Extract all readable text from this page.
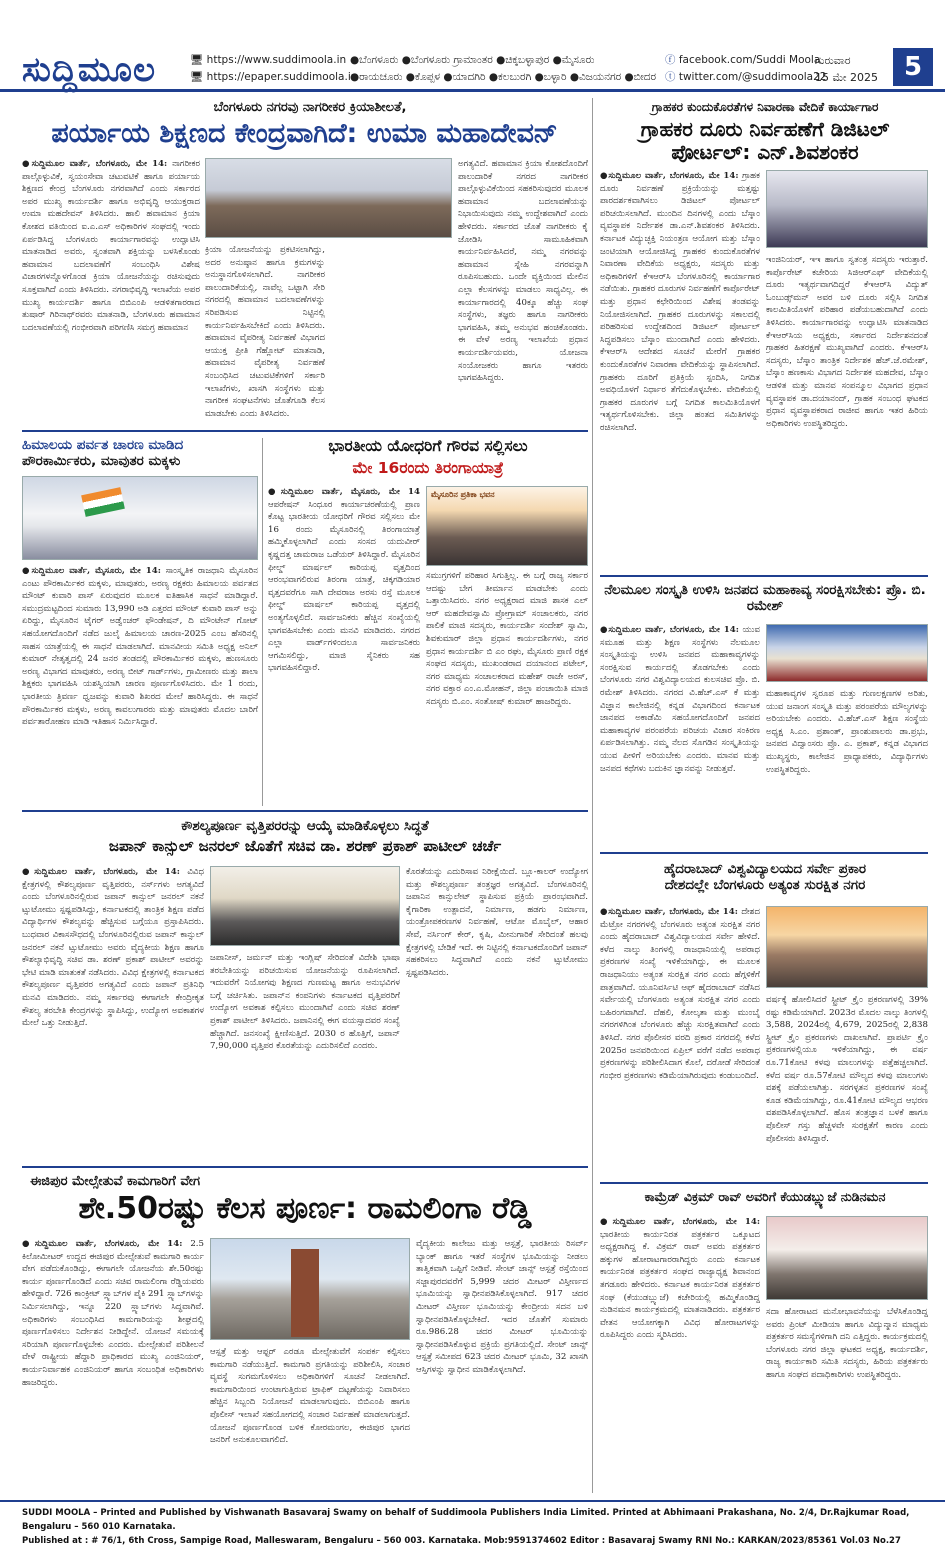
ಸುದ್ದಿಮೂಲ	🖥 https://www.suddimoola.in
🖥 https://epaper.suddimoola.in
●ಬೆಂಗಳೂರು ●ಬೆಂಗಳೂರು ಗ್ರಾಮಾಂತರ ●ಚಿಕ್ಕಬಳ್ಳಾಪುರ ●ಮೈಸೂರು
●ರಾಯಚೂರು ●ಕೊಪ್ಪಳ ●ಯಾದಗಿರಿ ●ಕಲಬುರಗಿ ●ಬಳ್ಳಾರಿ ●ವಿಜಯನಗರ ●ಬೀದರ
ⓕ facebook.com/Suddi Moola
ⓣ twitter.com/@suddimoola22
ಗುರುವಾರ
15 ಮೇ 2025 5
ಬೆಂಗಳೂರು ನಗರವು ನಾಗರೀಕರ ಕ್ರಿಯಾಶೀಲತೆ,
ಪರ್ಯಾಯ ಶಿಕ್ಷಣದ ಕೇಂದ್ರವಾಗಿದೆ: ಉಮಾ ಮಹಾದೇವನ್
●ಸುದ್ದಿಮೂಲ ವಾರ್ತೆ, ಬೆಂಗಳೂರು, ಮೇ 14: ನಾಗರೀಕರ ಪಾಲ್ಗೊಳ್ಳುವಿಕೆ, ಸ್ವಯಂಸೇವಾ ಚಟುವಟಿಕೆ ಹಾಗೂ ಪರ್ಯಾಯ ಶಿಕ್ಷಣದ ಕೇಂದ್ರ ಬೆಂಗಳೂರು ನಗರವಾಗಿದೆ ಎಂದು ಸರ್ಕಾರದ ಅಪರ ಮುಖ್ಯ ಕಾರ್ಯದರ್ಶಿ ಹಾಗೂ ಅಭಿವೃದ್ಧಿ ಆಯುಕ್ತರಾದ ಉಮಾ ಮಹದೇವನ್ ತಿಳಿಸಿದರು. ಹಾಲಿ ಹವಾಮಾನ ಕ್ರಿಯಾ ಕೋಶದ ವತಿಯಿಂದ ಐ.ಎ.ಎಸ್ ಅಧಿಕಾರಿಗಳ ಸಂಘದಲ್ಲಿ ಇಂದು ಏರ್ಪಡಿಸಿದ್ದ ಬೆಂಗಳೂರು ಕಾರ್ಯಾಗಾರವನ್ನು ಉದ್ಘಾಟಿಸಿ ಮಾತನಾಡಿದ ಅವರು, ಸ್ವಂತವಾಗಿ ಶಕ್ತಿಯನ್ನು ಬಳಸಿಕೊಂಡು ಹವಾಮಾನ ಬದಲಾವಣೆಗೆ ಸಂಬಂಧಿಸಿ ವಿಶೇಷ ವಿಚಾರಗಳನ್ನೊಳಗೊಂಡ ಕ್ರಿಯಾ ಯೋಜನೆಯನ್ನು ರಚಿಸುವುದು ಸೂಕ್ತವಾಗಿದೆ ಎಂದು ತಿಳಿಸಿದರು. ನಗರಾಭಿವೃದ್ಧಿ ಇಲಾಖೆಯ ಅಪರ ಮುಖ್ಯ ಕಾರ್ಯದರ್ಶಿ ಹಾಗೂ ಬಿಬಿಎಂಪಿ ಆಡಳಿತಗಾರರಾದ ತುಷಾರ್ ಗಿರಿನಾಥ್‌ರವರು ಮಾತನಾಡಿ, ಬೆಂಗಳೂರು ಹವಾಮಾನ ಬದಲಾವಣೆಯಲ್ಲಿ ಗಂಭೀರವಾಗಿ ಪರಿಗಣಿಸಿ ಸಮಗ್ರ ಹವಾಮಾನ
ಕ್ರಿಯಾ ಯೋಜನೆಯನ್ನು ಪ್ರಕಟಿಸಲಾಗಿದ್ದು, ಅದರ ಅನುಷ್ಠಾನ ಹಾಗೂ ಕ್ರಮಗಳನ್ನು ಅನುಸ್ಥಾನಗೊಳಿಸಲಾಗಿದೆ. ನಾಗರೀಕರ ಪಾಲುದಾರಿಕೆಯಲ್ಲಿ, ನಾವೆಲ್ಲ ಒಟ್ಟಾಗಿ ಸೇರಿ ನಗರದಲ್ಲಿ ಹವಾಮಾನ ಬದಲಾವಣೆಗಳನ್ನು ಸರಿಪಡಿಸುವ ನಿಟ್ಟಿನಲ್ಲಿ ಕಾರ್ಯನಿರ್ವಹಿಸಬೇಕಿದೆ ಎಂದು ತಿಳಿಸಿದರು. ಹವಾಮಾನ ವೈಪರೀತ್ಯ ನಿರ್ವಹಣೆ ವಿಭಾಗದ ಆಯುಕ್ತ ಪ್ರೀತಿ ಗೆಹ್ಲೋಟ್ ಮಾತನಾಡಿ, ಹವಾಮಾನ ವೈಪರೀತ್ಯ ನಿರ್ವಹಣೆ ಸಂಬಂಧಿಸಿದ ಚಟುವಟಿಕೆಗಳಿಗೆ ಸರ್ಕಾರಿ ಇಲಾಖೆಗಳು, ಖಾಸಗಿ ಸಂಸ್ಥೆಗಳು ಮತ್ತು ನಾಗರೀಕ ಸಂಘಟನೆಗಳು ಜೊತೆಗೂಡಿ ಕೆಲಸ ಮಾಡಬೇಕು ಎಂದು ತಿಳಿಸಿದರು.
ಅಗತ್ಯವಿದೆ. ಹವಾಮಾನ ಕ್ರಿಯಾ ಕೋಶದೊಂದಿಗೆ ಪಾಲುದಾರಿಕೆ ನಗರದ ನಾಗರೀಕರ ಪಾಲ್ಗೊಳ್ಳುವಿಕೆಯಿಂದ ಸಹಕರಿಸುವುದರ ಮೂಲಕ ಹವಾಮಾನ ಬದಲಾವಣೆಯನ್ನು ನಿಭಾಯಿಸುವುದು ನಮ್ಮ ಉದ್ದೇಶವಾಗಿದೆ ಎಂದು ಹೇಳಿದರು. ಸರ್ಕಾರದ ಜೊತೆ ನಾಗರೀಕರು ಕೈ ಜೋಡಿಸಿ ಸಾಮೂಹಿಕವಾಗಿ ಕಾರ್ಯನಿರ್ವಹಿಸಿದರೆ, ನಮ್ಮ ನಗರವನ್ನು ಹವಾಮಾನ ಸ್ನೇಹಿ ನಗರವನ್ನಾಗಿ ರೂಪಿಸಬಹುದು. ಒಂದೇ ವ್ಯಕ್ತಿಯಿಂದ ಮೇಲಿನ ಎಲ್ಲಾ ಕೆಲಸಗಳನ್ನು ಮಾಡಲು ಸಾಧ್ಯವಿಲ್ಲ. ಈ ಕಾರ್ಯಾಗಾರದಲ್ಲಿ 40ಕ್ಕೂ ಹೆಚ್ಚು ಸಂಘ ಸಂಸ್ಥೆಗಳು, ತಜ್ಞರು ಹಾಗೂ ನಾಗರೀಕರು ಭಾಗವಹಿಸಿ, ತಮ್ಮ ಅನುಭವ ಹಂಚಿಕೊಂಡರು. ಈ ವೇಳೆ ಅರಣ್ಯ ಇಲಾಖೆಯ ಪ್ರಧಾನ ಕಾರ್ಯದರ್ಶಿಯವರು, ಯೋಜನಾ ಸಂಯೋಜಕರು ಹಾಗೂ ಇತರರು ಭಾಗವಹಿಸಿದ್ದರು.
ಗ್ರಾಹಕರ ಕುಂದುಕೊರತೆಗಳ ನಿವಾರಣಾ ವೇದಿಕೆ ಕಾರ್ಯಾಗಾರ
ಗ್ರಾಹಕರ ದೂರು ನಿರ್ವಹಣೆಗೆ ಡಿಜಿಟಲ್ ಪೋರ್ಟಲ್: ಎನ್.ಶಿವಶಂಕರ
●ಸುದ್ದಿಮೂಲ ವಾರ್ತೆ, ಬೆಂಗಳೂರು, ಮೇ 14: ಗ್ರಾಹಕ ದೂರು ನಿರ್ವಹಣೆ ಪ್ರಕ್ರಿಯೆಯನ್ನು ಮತ್ತಷ್ಟು ಪಾರದರ್ಶಕವಾಗಿಸಲು ಡಿಜಿಟಲ್ ಪೋರ್ಟಲ್ ಪರಿಚಯಿಸಲಾಗಿದೆ. ಮುಂದಿನ ದಿನಗಳಲ್ಲಿ ಎಂದು ಬೆಸ್ಕಾಂ ವ್ಯವಸ್ಥಾಪಕ ನಿರ್ದೇಶಕ ಡಾ.ಎನ್.ಶಿವಶಂಕರ ತಿಳಿಸಿದರು. ಕರ್ನಾಟಕ ವಿದ್ಯುಚ್ಛಕ್ತಿ ನಿಯಂತ್ರಣ ಆಯೋಗ ಮತ್ತು ಬೆಸ್ಕಾಂ ಜಂಟಿಯಾಗಿ ಆಯೋಜಿಸಿದ್ದ ಗ್ರಾಹಕರ ಕುಂದುಕೊರತೆಗಳ ನಿವಾರಣಾ ವೇದಿಕೆಯ ಅಧ್ಯಕ್ಷರು, ಸದಸ್ಯರು ಮತ್ತು ಅಧಿಕಾರಿಗಳಿಗೆ ಕೆಇಆರ್‌ಸಿ ಬೆಂಗಳೂರಿನಲ್ಲಿ ಕಾರ್ಯಾಗಾರ ನಡೆಯಿತು. ಗ್ರಾಹಕರ ದೂರುಗಳ ನಿರ್ವಹಣೆಗೆ ಕಾರ್ಪೊರೇಟ್ ಮತ್ತು ಪ್ರಧಾನ ಕಛೇರಿಯಿಂದ ವಿಶೇಷ ತಂಡವನ್ನು ನಿಯೋಜಿಸಲಾಗಿದೆ. ಗ್ರಾಹಕರ ದೂರುಗಳನ್ನು ಸಕಾಲದಲ್ಲಿ ಪರಿಹರಿಸುವ ಉದ್ದೇಶದಿಂದ ಡಿಜಿಟಲ್ ಪೋರ್ಟಲ್ ಸಿದ್ಧಪಡಿಸಲು ಬೆಸ್ಕಾಂ ಮುಂದಾಗಿದೆ ಎಂದು ಹೇಳಿದರು. ಕೆಇಆರ್‌ಸಿ ಆದೇಶದ ಸೂಚನೆ ಮೇರೆಗೆ ಗ್ರಾಹಕರ ಕುಂದುಕೊರತೆಗಳ ನಿವಾರಣಾ ವೇದಿಕೆಯನ್ನು ಸ್ಥಾಪಿಸಲಾಗಿದೆ. ಗ್ರಾಹಕರು ದೂರಿಗೆ ಪ್ರತಿಕ್ರಿಯೆ ಸ್ಪಂದಿಸಿ, ನಿಗದಿತ ಅವಧಿಯೊಳಗೆ ನಿರ್ಧಾರ ತೆಗೆದುಕೊಳ್ಳಬೇಕು. ವೇದಿಕೆಯಲ್ಲಿ ಗ್ರಾಹಕರ ದೂರುಗಳ ಬಗ್ಗೆ ನಿಗದಿತ ಕಾಲಮಿತಿಯೊಳಗೆ ಇತ್ಯರ್ಥಗೊಳಿಸಬೇಕು. ಜಿಲ್ಲಾ ಹಂತದ ಸಮಿತಿಗಳನ್ನು ರಚಿಸಲಾಗಿದೆ.
ಇಂಜಿನಿಯರ್, ಇಇ ಹಾಗೂ ಸ್ವತಂತ್ರ ಸದಸ್ಯರು ಇರುತ್ತಾರೆ. ಕಾರ್ಪೊರೇಟ್ ಕಚೇರಿಯ ಸಿಜಿಆರ್‌ಎಫ್ ವೇದಿಕೆಯಲ್ಲಿ ದೂರು ಇತ್ಯರ್ಥವಾಗದಿದ್ದರೆ ಕೆಇಆರ್‌ಸಿ ವಿದ್ಯುತ್ ಓಂಬುಡ್ಸ್‌ಮನ್ ಅವರ ಬಳಿ ದೂರು ಸಲ್ಲಿಸಿ ನಿಗದಿತ ಕಾಲಮಿತಿಯೊಳಗೆ ಪರಿಹಾರ ಪಡೆಯಬಹುದಾಗಿದೆ ಎಂದು ತಿಳಿಸಿದರು. ಕಾರ್ಯಾಗಾರವನ್ನು ಉದ್ಘಾಟಿಸಿ ಮಾತನಾಡಿದ ಕೆಇಆರ್‌ಸಿಯ ಅಧ್ಯಕ್ಷರು, ಸರ್ಕಾರದ ನಿರ್ದೇಶನದಂತೆ ಗ್ರಾಹಕರ ಹಿತರಕ್ಷಣೆ ಮುಖ್ಯವಾಗಿದೆ ಎಂದರು. ಕೆಇಆರ್‌ಸಿ ಸದಸ್ಯರು, ಬೆಸ್ಕಾಂ ತಾಂತ್ರಿಕ ನಿರ್ದೇಶಕ ಹೆಚ್.ಜೆ.ರಮೇಶ್, ಬೆಸ್ಕಾಂ ಹಣಕಾಸು ವಿಭಾಗದ ನಿರ್ದೇಶಕ ಮಹದೇವ, ಬೆಸ್ಕಾಂ ಆಡಳಿತ ಮತ್ತು ಮಾನವ ಸಂಪನ್ಮೂಲ ವಿಭಾಗದ ಪ್ರಧಾನ ವ್ಯವಸ್ಥಾಪಕ ಡಾ.ದಯಾನಂದ್, ಗ್ರಾಹಕ ಸಂಬಂಧ ಘಟಕದ ಪ್ರಧಾನ ವ್ಯವಸ್ಥಾಪಕರಾದ ರಾಜೀವ ಹಾಗೂ ಇತರ ಹಿರಿಯ ಅಧಿಕಾರಿಗಳು ಉಪಸ್ಥಿತರಿದ್ದರು.
ಹಿಮಾಲಯ ಪರ್ವತ ಚಾರಣ ಮಾಡಿದ
ಪೌರಕಾರ್ಮಿಕರು, ಮಾವುತರ ಮಕ್ಕಳು
●ಸುದ್ದಿಮೂಲ ವಾರ್ತೆ, ಮೈಸೂರು, ಮೇ 14: ಸಾಂಸ್ಕೃತಿಕ ರಾಜಧಾನಿ ಮೈಸೂರಿನ ಎಂಟು ಪೌರಕಾರ್ಮಿಕರ ಮಕ್ಕಳು, ಮಾವುತರು, ಅರಣ್ಯ ರಕ್ಷಕರು ಹಿಮಾಲಯ ಪರ್ವತದ ಮೌಂಟ್ ಕುವಾರಿ ಪಾಸ್ ಏರುವುದರ ಮೂಲಕ ಐತಿಹಾಸಿಕ ಸಾಧನೆ ಮಾಡಿದ್ದಾರೆ. ಸಮುದ್ರಮಟ್ಟದಿಂದ ಸುಮಾರು 13,990 ಅಡಿ ಎತ್ತರದ ಮೌಂಟ್ ಕುವಾರಿ ಪಾಸ್ ಅನ್ನು ಏರಿದ್ದು, ಮೈಸೂರಿನ ಟೈಗರ್ ಅಡ್ವೆಂಚರ್ ಫೌಂಡೇಷನ್, ದಿ ಮೌಂಟೇನ್ ಗೋಟ್ ಸಹಯೋಗದೊಂದಿಗೆ ನಡೆದ ಜುಲೈ ಹಿಮಾಲಯ ಚಾರಣ-2025 ಎಂಬ ಹೆಸರಿನಲ್ಲಿ ಸಾಹಸ ಯಾತ್ರೆಯಲ್ಲಿ ಈ ಸಾಧನೆ ಮಾಡಲಾಗಿದೆ. ಮಾನವೀಯ ಸಮಿತಿ ಅಧ್ಯಕ್ಷ ಅನಿಲ್ ಕುಮಾರ್ ನೇತೃತ್ವದಲ್ಲಿ 24 ಜನರ ತಂಡದಲ್ಲಿ ಪೌರಕಾರ್ಮಿಕರ ಮಕ್ಕಳು, ಹುಣಸೂರು ಅರಣ್ಯ ವಿಭಾಗದ ಮಾವುತರು, ಅರಣ್ಯ ಬೀಟ್ ಗಾರ್ಡ್‌ಗಳು, ಗ್ರಾಮೀಣರು ಮತ್ತು ಶಾಲಾ ಶಿಕ್ಷಕರು ಭಾಗವಹಿಸಿ ಯಶಸ್ವಿಯಾಗಿ ಚಾರಣ ಪೂರ್ಣಗೊಳಿಸಿದರು. ಮೇ 1 ರಂದು, ಭಾರತೀಯ ತ್ರಿವರ್ಣ ಧ್ವಜವನ್ನು ಕುವಾರಿ ಶಿಖರದ ಮೇಲೆ ಹಾರಿಸಿದ್ದರು. ಈ ಸಾಧನೆ ಪೌರಕಾರ್ಮಿಕರ ಮಕ್ಕಳು, ಅರಣ್ಯ ಕಾವಲುಗಾರರು ಮತ್ತು ಮಾವುತರು ಮೊದಲ ಬಾರಿಗೆ ಪರ್ವತಾರೋಹಣ ಮಾಡಿ ಇತಿಹಾಸ ನಿರ್ಮಿಸಿದ್ದಾರೆ.
ಭಾರತೀಯ ಯೋಧರಿಗೆ ಗೌರವ ಸಲ್ಲಿಸಲು
ಮೇ 16ರಂದು ತಿರಂಗಾಯಾತ್ರೆ
●ಸುದ್ದಿಮೂಲ ವಾರ್ತೆ, ಮೈಸೂರು, ಮೇ 14 ಆಪರೇಷನ್ ಸಿಂಧೂರ ಕಾರ್ಯಾಚರಣೆಯಲ್ಲಿ ಪ್ರಾಣ ಕೊಟ್ಟ ಭಾರತೀಯ ಯೋಧರಿಗೆ ಗೌರವ ಸಲ್ಲಿಸಲು ಮೇ 16 ರಂದು ಮೈಸೂರಿನಲ್ಲಿ ತಿರಂಗಾಯಾತ್ರೆ ಹಮ್ಮಿಕೊಳ್ಳಲಾಗಿದೆ ಎಂದು ಸಂಸದ ಯದುವೀರ್ ಕೃಷ್ಣದತ್ತ ಚಾಮರಾಜ ಒಡೆಯರ್ ತಿಳಿಸಿದ್ದಾರೆ. ಮೈಸೂರಿನ ಫೀಲ್ಡ್ ಮಾರ್ಷಲ್ ಕಾರಿಯಪ್ಪ ವೃತ್ತದಿಂದ ಆರಂಭವಾಗಲಿರುವ ತಿರಂಗಾ ಯಾತ್ರೆ, ಚಿಕ್ಕಗಡಿಯಾರ ವೃತ್ತದವರೆಗೂ ಸಾಗಿ ದೇವರಾಜ ಅರಸು ರಸ್ತೆ ಮೂಲಕ ಫೀಲ್ಡ್ ಮಾರ್ಷಲ್ ಕಾರಿಯಪ್ಪ ವೃತ್ತದಲ್ಲಿ ಅಂತ್ಯಗೊಳ್ಳಲಿದೆ. ಸಾರ್ವಜನಿಕರು ಹೆಚ್ಚಿನ ಸಂಖ್ಯೆಯಲ್ಲಿ ಭಾಗವಹಿಸಬೇಕು ಎಂದು ಮನವಿ ಮಾಡಿದರು. ನಗರದ ಎಲ್ಲಾ ವಾರ್ಡ್‌ಗಳಿಂದಲೂ ಸಾರ್ವಜನಿಕರು ಆಗಮಿಸಲಿದ್ದು, ಮಾಜಿ ಸೈನಿಕರು ಸಹ ಭಾಗವಹಿಸಲಿದ್ದಾರೆ.
ಮೈಸೂರಿನ ಪ್ರತಿಕಾ ಭವನ
ಸಮುಗ್ರಗಳಿಗೆ ಪರಿಹಾರ ಸಿಗುತ್ತಿಲ್ಲ. ಈ ಬಗ್ಗೆ ರಾಜ್ಯ ಸರ್ಕಾರ ಆದಷ್ಟು ಬೇಗ ತೀರ್ಮಾನ ಮಾಡಬೇಕು ಎಂದು ಒತ್ತಾಯಿಸಿದರು. ನಗರ ಅಧ್ಯಕ್ಷರಾದ ಮಾಜಿ ಶಾಸಕ ಎಲ್ ಆರ್ ಮಹದೇವಸ್ವಾಮಿ ಪ್ರೋಗ್ರಾಮ್ ಸಂಚಾಲಕರು, ನಗರ ಪಾಲಿಕೆ ಮಾಜಿ ಸದಸ್ಯರು, ಕಾರ್ಯದರ್ಶಿ ಸಂದೇಶ್ ಸ್ವಾಮಿ, ಶಿವಕುಮಾರ್ ಜಿಲ್ಲಾ ಪ್ರಧಾನ ಕಾರ್ಯದರ್ಶಿಗಳು, ನಗರ ಪ್ರಧಾನ ಕಾರ್ಯದರ್ಶಿ ಬಿ ಎಂ ರಘು, ಮೈಸೂರು ಪ್ರಾಣಿ ರಕ್ಷಕ ಸಂಘದ ಸದಸ್ಯರು, ಮುಖಂಡರಾದ ದಯಾನಂದ ಪಟೇಲ್, ನಗರ ಮಾಧ್ಯಮ ಸಂಚಾಲಕರಾದ ಮಹೇಶ್ ರಾಜೇ ಅರಸ್, ನಗರ ವಕ್ತಾರ ಎಂ.ಎ.ಮೋಹನ್, ಜಿಲ್ಲಾ ಪಂಚಾಯಿತಿ ಮಾಜಿ ಸದಸ್ಯರು ಬಿ.ಎಂ. ಸಂತೋಷ್ ಕುಮಾರ್ ಹಾಜರಿದ್ದರು.
ನೆಲಮೂಲ ಸಂಸ್ಕೃತಿ ಉಳಿಸಿ ಜನಪದ ಮಹಾಕಾವ್ಯ ಸಂರಕ್ಷಿಸಬೇಕು: ಪ್ರೊ. ಬಿ. ರಮೇಶ್
●ಸುದ್ದಿಮೂಲ ವಾರ್ತೆ, ಬೆಂಗಳೂರು, ಮೇ 14: ಯುವ ಸಮೂಹ ಮತ್ತು ಶಿಕ್ಷಣ ಸಂಸ್ಥೆಗಳು ನೆಲಮೂಲ ಸಂಸ್ಕೃತಿಯನ್ನು ಉಳಿಸಿ ಜನಪದ ಮಹಾಕಾವ್ಯಗಳನ್ನು ಸಂರಕ್ಷಿಸುವ ಕಾರ್ಯದಲ್ಲಿ ತೊಡಗಬೇಕು ಎಂದು ಬೆಂಗಳೂರು ನಗರ ವಿಶ್ವವಿದ್ಯಾಲಯದ ಕುಲಸಚಿವ ಪ್ರೊ. ಬಿ. ರಮೇಶ್ ತಿಳಿಸಿದರು. ನಗರದ ವಿ.ಹೆಚ್.ಎಸ್ ಕೆ ಮತ್ತು ವಿಜ್ಞಾನ ಕಾಲೇಜಿನಲ್ಲಿ ಕನ್ನಡ ವಿಭಾಗದಿಂದ ಕರ್ನಾಟಕ ಜಾನಪದ ಅಕಾಡೆಮಿ ಸಹಯೋಗದೊಂದಿಗೆ ಜನಪದ ಮಹಾಕಾವ್ಯಗಳ ಪರಂಪರೆಯ ಪರಿಚಯ ವಿಚಾರ ಸಂಕಿರಣ ಏರ್ಪಡಿಸಲಾಗಿತ್ತು. ನಮ್ಮ ನೆಲದ ಸೊಗಡಿನ ಸಂಸ್ಕೃತಿಯನ್ನು ಯುವ ಪೀಳಿಗೆ ಅರಿಯಬೇಕು ಎಂದರು. ಮಾನವ ಮತ್ತು ಜನಪದ ಕಥೆಗಳು ಬದುಕಿನ ಜ್ಞಾನವನ್ನು ನೀಡುತ್ತವೆ.
ಮಹಾಕಾವ್ಯಗಳ ಸ್ವರೂಪ ಮತ್ತು ಗುಣಲಕ್ಷಣಗಳ ಅರಿತು, ಯುವ ಜನಾಂಗ ಸಂಸ್ಕೃತಿ ಮತ್ತು ಪರಂಪರೆಯ ಮೌಲ್ಯಗಳನ್ನು ಅರಿಯಬೇಕು ಎಂದರು. ವಿ.ಹೆಚ್.ಎಸ್ ಶಿಕ್ಷಣ ಸಂಸ್ಥೆಯ ಅಧ್ಯಕ್ಷ ಸಿ.ಎಂ. ಪ್ರಶಾಂತ್, ಪ್ರಾಂಶುಪಾಲರು ಡಾ.ಪ್ರಭು, ಜನಪದ ವಿದ್ವಾಂಸರು ಪ್ರೊ. ಎ. ಪ್ರಕಾಶ್, ಕನ್ನಡ ವಿಭಾಗದ ಮುಖ್ಯಸ್ಥರು, ಕಾಲೇಜಿನ ಪ್ರಾಧ್ಯಾಪಕರು, ವಿದ್ಯಾರ್ಥಿಗಳು ಉಪಸ್ಥಿತರಿದ್ದರು.
ಕೌಶಲ್ಯಪೂರ್ಣ ವೃತ್ತಿಪರರನ್ನು ಆಯ್ಕೆ ಮಾಡಿಕೊಳ್ಳಲು ಸಿದ್ಧತೆ
ಜಪಾನ್ ಕಾನ್ಸುಲ್ ಜನರಲ್ ಜೊತೆಗೆ ಸಚಿವ ಡಾ. ಶರಣ್ ಪ್ರಕಾಶ್ ಪಾಟೀಲ್ ಚರ್ಚೆ
●ಸುದ್ದಿಮೂಲ ವಾರ್ತೆ, ಬೆಂಗಳೂರು, ಮೇ 14: ವಿವಿಧ ಕ್ಷೇತ್ರಗಳಲ್ಲಿ ಕೌಶಲ್ಯಪೂರ್ಣ ವೃತ್ತಿಪರರು, ನರ್ಸ್‌ಗಳು ಅಗತ್ಯವಿದೆ ಎಂದು ಬೆಂಗಳೂರಿನಲ್ಲಿರುವ ಜಪಾನ್ ಕಾನ್ಸುಲ್ ಜನರಲ್ ನಕನೆ ಟ್ಸುಟೋಮು ಸ್ಪಷ್ಟಪಡಿಸಿದ್ದು, ಕರ್ನಾಟಕದಲ್ಲಿ ತಾಂತ್ರಿಕ ಶಿಕ್ಷಣ ಪಡೆದ ವಿದ್ಯಾರ್ಥಿಗಳ ಕೌಶಲ್ಯವನ್ನು ಹೆಚ್ಚಿಸುವ ಬಗ್ಗೆಯೂ ಪ್ರಸ್ತಾಪಿಸಿದರು. ಬುಧವಾರ ವಿಕಾಸಸೌಧದಲ್ಲಿ ಬೆಂಗಳೂರಿನಲ್ಲಿರುವ ಜಪಾನ್ ಕಾನ್ಸುಲ್ ಜನರಲ್ ನಕನೆ ಟ್ಸುಟೋಮು ಅವರು ವೈದ್ಯಕೀಯ ಶಿಕ್ಷಣ ಹಾಗೂ ಕೌಶಲ್ಯಾಭಿವೃದ್ಧಿ ಸಚಿವ ಡಾ. ಶರಣ್ ಪ್ರಕಾಶ್ ಪಾಟೀಲ್ ಅವರನ್ನು ಭೇಟಿ ಮಾಡಿ ಮಾತುಕತೆ ನಡೆಸಿದರು. ವಿವಿಧ ಕ್ಷೇತ್ರಗಳಲ್ಲಿ ಕರ್ನಾಟಕದ ಕೌಶಲ್ಯಪೂರ್ಣ ವೃತ್ತಿಪರರ ಅಗತ್ಯವಿದೆ ಎಂದು ಜಪಾನ್ ಪ್ರತಿನಿಧಿ ಮನವಿ ಮಾಡಿದರು. ನಮ್ಮ ಸರ್ಕಾರವು ಈಗಾಗಲೇ ಕೇಂದ್ರೀಕೃತ ಕೌಶಲ್ಯ ತರಬೇತಿ ಕೇಂದ್ರಗಳನ್ನು ಸ್ಥಾಪಿಸಿದ್ದು, ಉದ್ಯೋಗ ಅವಕಾಶಗಳ ಮೇಲೆ ಒತ್ತು ನೀಡುತ್ತಿದೆ.
ಜಪಾನೀಸ್, ಜರ್ಮನ್ ಮತ್ತು ಇಂಗ್ಲಿಷ್ ಸೇರಿದಂತೆ ವಿದೇಶಿ ಭಾಷಾ ತರಬೇತಿಯನ್ನು ಪರಿಚಯಿಸುವ ಯೋಜನೆಯನ್ನು ರೂಪಿಸಲಾಗಿದೆ. ಇದುವರೆಗೆ ನಿಯೋಗವು ಶಿಕ್ಷಣದ ಗುಣಮಟ್ಟ ಹಾಗೂ ಅನುಭವಿಗಳ ಬಗ್ಗೆ ಚರ್ಚಿಸಿತು. ಜಪಾನ್‌ನ ಕಂಪನಿಗಳು ಕರ್ನಾಟಕದ ವೃತ್ತಿಪರರಿಗೆ ಉದ್ಯೋಗ ಅವಕಾಶ ಕಲ್ಪಿಸಲು ಮುಂದಾಗಿವೆ ಎಂದು ಸಚಿವ ಶರಣ್ ಪ್ರಕಾಶ್ ಪಾಟೀಲ್ ತಿಳಿಸಿದರು. ಜಪಾನಿನಲ್ಲಿ ಈಗ ವಯಸ್ಸಾದವರ ಸಂಖ್ಯೆ ಹೆಚ್ಚಾಗಿದೆ. ಜನಸಂಖ್ಯೆ ಕ್ಷೀಣಿಸುತ್ತಿದೆ. 2030 ರ ಹೊತ್ತಿಗೆ, ಜಪಾನ್ 7,90,000 ವೃತ್ತಿಪರ ಕೊರತೆಯನ್ನು ಎದುರಿಸಲಿದೆ ಎಂದರು.
ಕೊರತೆಯನ್ನು ಎದುರಿಸಾವ ನಿರೀಕ್ಷೆಯಿದೆ. ಬ್ಲೂ-ಕಾಲರ್ ಉದ್ಯೋಗ ಮತ್ತು ಕೌಶಲ್ಯಪೂರ್ಣ ತಂತ್ರಜ್ಞರ ಅಗತ್ಯವಿದೆ. ಬೆಂಗಳೂರಿನಲ್ಲಿ ಜಪಾನಿನ ಕಾನ್ಸುಲೇಟ್ ಸ್ಥಾಪಿಸುವ ಪ್ರಕ್ರಿಯೆ ಪ್ರಾರಂಭವಾಗಿದೆ. ಕೈಗಾರಿಕಾ ಉತ್ಪಾದನೆ, ನಿರ್ಮಾಣ, ಹಡಗು ನಿರ್ಮಾಣ, ಯಂತ್ರೋಪಕರಣಗಳ ನಿರ್ವಹಣೆ, ಆಟೋ ಮೊಬೈಲ್, ಆಹಾರ ಸೇವೆ, ನರ್ಸಿಂಗ್ ಕೇರ್, ಕೃಷಿ, ಮೀನುಗಾರಿಕೆ ಸೇರಿದಂತೆ ಹಲವು ಕ್ಷೇತ್ರಗಳಲ್ಲಿ ಬೇಡಿಕೆ ಇದೆ. ಈ ನಿಟ್ಟಿನಲ್ಲಿ ಕರ್ನಾಟಕದೊಂದಿಗೆ ಜಪಾನ್ ಸಹಕರಿಸಲು ಸಿದ್ಧವಾಗಿದೆ ಎಂದು ನಕನೆ ಟ್ಸುಟೋಮು ಸ್ಪಷ್ಟಪಡಿಸಿದರು.
ಹೈದರಾಬಾದ್ ವಿಶ್ವವಿದ್ಯಾಲಯದ ಸರ್ವೇ ಪ್ರಕಾರ
ದೇಶದಲ್ಲೇ ಬೆಂಗಳೂರು ಅತ್ಯಂತ ಸುರಕ್ಷಿತ ನಗರ
●ಸುದ್ದಿಮೂಲ ವಾರ್ತೆ, ಬೆಂಗಳೂರು, ಮೇ 14: ದೇಶದ ಮೆಟ್ರೋ ನಗರಗಳಲ್ಲಿ ಬೆಂಗಳೂರು ಅತ್ಯಂತ ಸುರಕ್ಷಿತ ನಗರ ಎಂದು ಹೈದರಾಬಾದ್ ವಿಶ್ವವಿದ್ಯಾಲಯದ ಸರ್ವೇ ಹೇಳಿದೆ. ಕಳೆದ ನಾಲ್ಕು ತಿಂಗಳಲ್ಲಿ ರಾಜಧಾನಿಯಲ್ಲಿ ಅಪರಾಧ ಪ್ರಕರಣಗಳ ಸಂಖ್ಯೆ ಇಳಿಕೆಯಾಗಿದ್ದು, ಈ ಮೂಲಕ ರಾಜಧಾನಿಯು ಅತ್ಯಂತ ಸುರಕ್ಷಿತ ನಗರ ಎಂದು ಹೆಗ್ಗಳಿಕೆಗೆ ಪಾತ್ರವಾಗಿದೆ. ಯೂನಿವರ್ಸಿಟಿ ಆಫ್ ಹೈದರಾಬಾದ್ ನಡೆಸಿದ ಸರ್ವೇಯಲ್ಲಿ ಬೆಂಗಳೂರು ಅತ್ಯಂತ ಸುರಕ್ಷಿತ ನಗರ ಎಂದು ಬಹಿರಂಗವಾಗಿದೆ. ದೆಹಲಿ, ಕೋಲ್ಕತಾ ಮತ್ತು ಮುಂಬೈ ನಗರಗಳಿಗಿಂತ ಬೆಂಗಳೂರು ಹೆಚ್ಚು ಸುರಕ್ಷಿತವಾಗಿದೆ ಎಂದು ತಿಳಿಸಿದೆ. ನಗರ ಪೊಲೀಸರ ವರದಿ ಪ್ರಕಾರ ನಗರದಲ್ಲಿ ಕಳೆದ 2025ರ ಜನವರಿಯಿಂದ ಏಪ್ರಿಲ್ ವರೆಗೆ ನಡೆದ ಅಪರಾಧ ಪ್ರಕರಣಗಳನ್ನು ಪರಿಶೀಲಿಸಿದಾಗ ಕೊಲೆ, ದರೋಡೆ ಸೇರಿದಂತೆ ಗಂಭೀರ ಪ್ರಕರಣಗಳು ಕಡಿಮೆಯಾಗಿರುವುದು ಕಂಡುಬಂದಿದೆ.
ವರ್ಷಕ್ಕೆ ಹೋಲಿಸಿದರೆ ಸ್ಟ್ರೀಟ್ ಕ್ರೈಂ ಪ್ರಕರಣಗಳಲ್ಲಿ 39% ರಷ್ಟು ಕಡಿಮೆಯಾಗಿದೆ. 2023ರ ಮೊದಲ ನಾಲ್ಕು ತಿಂಗಳಲ್ಲಿ 3,588, 2024ರಲ್ಲಿ 4,679, 2025ರಲ್ಲಿ 2,838 ಸ್ಟ್ರೀಟ್ ಕ್ರೈಂ ಪ್ರಕರಣಗಳು ದಾಖಲಾಗಿವೆ. ಪ್ರಾಪರ್ಟಿ ಕ್ರೈಂ ಪ್ರಕರಣಗಳಲ್ಲಿಯೂ ಇಳಿಕೆಯಾಗಿದ್ದು, ಈ ವರ್ಷ ರೂ.71ಕೋಟಿ ಕಳವು ಮಾಲುಗಳನ್ನು ಪತ್ತೆಹಚ್ಚಲಾಗಿದೆ. ಕಳೆದ ವರ್ಷ ರೂ.57ಕೋಟಿ ಮೌಲ್ಯದ ಕಳವು ಮಾಲುಗಳು ವಶಕ್ಕೆ ಪಡೆಯಲಾಗಿತ್ತು. ಸರಗಳ್ಳತನ ಪ್ರಕರಣಗಳ ಸಂಖ್ಯೆ ಕೂಡ ಕಡಿಮೆಯಾಗಿದ್ದು, ರೂ.41ಕೋಟಿ ಮೌಲ್ಯದ ಆಭರಣ ವಶಪಡಿಸಿಕೊಳ್ಳಲಾಗಿದೆ. ಹೊಸ ತಂತ್ರಜ್ಞಾನ ಬಳಕೆ ಹಾಗೂ ಪೊಲೀಸ್ ಗಸ್ತು ಹೆಚ್ಚಳವೇ ಸುರಕ್ಷತೆಗೆ ಕಾರಣ ಎಂದು ಪೊಲೀಸರು ತಿಳಿಸಿದ್ದಾರೆ.
ಈಜಿಪುರ ಮೇಲ್ಸೇತುವೆ ಕಾಮಗಾರಿಗೆ ವೇಗ
ಶೇ.50ರಷ್ಟು ಕೆಲಸ ಪೂರ್ಣ: ರಾಮಲಿಂಗಾ ರೆಡ್ಡಿ
●ಸುದ್ದಿಮೂಲ ವಾರ್ತೆ, ಬೆಂಗಳೂರು, ಮೇ 14: 2.5 ಕಿಲೋಮೀಟರ್ ಉದ್ದದ ಈಜಿಪುರ ಮೇಲ್ಸೇತುವೆ ಕಾಮಗಾರಿ ಕಾರ್ಯ ವೇಗ ಪಡೆದುಕೊಂಡಿದ್ದು, ಈಗಾಗಲೇ ಯೋಜನೆಯ ಶೇ.50ರಷ್ಟು ಕಾರ್ಯ ಪೂರ್ಣಗೊಂಡಿದೆ ಎಂದು ಸಚಿವ ರಾಮಲಿಂಗಾ ರೆಡ್ಡಿಯವರು ಹೇಳಿದ್ದಾರೆ. 726 ಕಾಂಕ್ರೀಟ್ ಸ್ಲ್ಯಾಬ್‌ಗಳ ಪೈಕಿ 291 ಸ್ಲ್ಯಾಬ್‌ಗಳನ್ನು ನಿರ್ಮಿಸಲಾಗಿದ್ದು, ಇನ್ನೂ 220 ಸ್ಲ್ಯಾಬ್‌ಗಳು ಸಿದ್ಧವಾಗಿವೆ. ಅಧಿಕಾರಿಗಳು ಸಂಬಂಧಿಸಿದ ಕಾಮಗಾರಿಯನ್ನು ಶೀಘ್ರದಲ್ಲಿ ಪೂರ್ಣಗೊಳಿಸಲು ನಿರ್ದೇಶನ ನೀಡಿದ್ದೇನೆ. ಯೋಜನೆ ಸಮಯಕ್ಕೆ ಸರಿಯಾಗಿ ಪೂರ್ಣಗೊಳ್ಳಬೇಕು ಎಂದರು. ಮೇಲ್ಸೇತುವೆ ಪರಿಶೀಲನೆ ವೇಳೆ ರಾಷ್ಟ್ರೀಯ ಹೆದ್ದಾರಿ ಪ್ರಾಧಿಕಾರದ ಮುಖ್ಯ ಎಂಜಿನಿಯರ್, ಕಾರ್ಯನಿರ್ವಾಹಕ ಎಂಜಿನಿಯರ್ ಹಾಗೂ ಸಂಬಂಧಿತ ಅಧಿಕಾರಿಗಳು ಹಾಜರಿದ್ದರು.
ಆಸ್ಪತ್ರೆ ಮತ್ತು ಆಫ್ಟರ್ ಎರಡೂ ಮೇಲ್ಸೇತುವೆಗೆ ಸಂಪರ್ಕ ಕಲ್ಪಿಸಲು ಕಾಮಗಾರಿ ನಡೆಯುತ್ತಿದೆ. ಕಾಮಗಾರಿ ಪ್ರಗತಿಯನ್ನು ಪರಿಶೀಲಿಸಿ, ಸಂಚಾರ ವ್ಯವಸ್ಥೆ ಸುಗಮಗೊಳಿಸಲು ಅಧಿಕಾರಿಗಳಿಗೆ ಸೂಚನೆ ನೀಡಲಾಗಿದೆ. ಕಾಮಗಾರಿಯಿಂದ ಉಂಟಾಗುತ್ತಿರುವ ಟ್ರಾಫಿಕ್ ದಟ್ಟಣೆಯನ್ನು ನಿವಾರಿಸಲು ಹೆಚ್ಚಿನ ಸಿಬ್ಬಂದಿ ನಿಯೋಜನೆ ಮಾಡಲಾಗುವುದು. ಬಿಬಿಎಂಪಿ ಹಾಗೂ ಪೊಲೀಸ್ ಇಲಾಖೆ ಸಹಯೋಗದಲ್ಲಿ ಸಂಚಾರ ನಿರ್ವಹಣೆ ಮಾಡಲಾಗುತ್ತದೆ. ಯೋಜನೆ ಪೂರ್ಣಗೊಂಡ ಬಳಿಕ ಕೋರಮಂಗಲ, ಈಜಿಪುರ ಭಾಗದ ಜನರಿಗೆ ಅನುಕೂಲವಾಗಲಿದೆ.
ವೈದ್ಯಕೀಯ ಕಾಲೇಜು ಮತ್ತು ಆಸ್ಪತ್ರೆ, ಭಾರತೀಯ ರಿಸರ್ವ್ ಬ್ಯಾಂಕ್ ಹಾಗೂ ಇತರೆ ಸಂಸ್ಥೆಗಳ ಭೂಮಿಯನ್ನು ನೀಡಲು ತಾತ್ವಿಕವಾಗಿ ಒಪ್ಪಿಗೆ ನೀಡಿವೆ. ಸೇಂಟ್ ಜಾನ್ಸ್ ಆಸ್ಪತ್ರೆ ರಸ್ತೆಯಿಂದ ಸಜ್ಜಾಪುರದವರೆಗೆ 5,999 ಚದರ ಮೀಟರ್ ವಿಸ್ತೀರ್ಣದ ಭೂಮಿಯನ್ನು ಸ್ವಾಧೀನಪಡಿಸಿಕೊಳ್ಳಲಾಗಿದೆ. 917 ಚದರ ಮೀಟರ್ ವಿಸ್ತೀರ್ಣ ಭೂಮಿಯನ್ನು ಕೇಂದ್ರೀಯ ಸದನ ಬಳಿ ಸ್ವಾಧೀನಪಡಿಸಿಕೊಳ್ಳಬೇಕಿದೆ. ಇದರ ಜೊತೆಗೆ ಸುಮಾರು ರೂ.986.28 ಚದರ ಮೀಟರ್ ಭೂಮಿಯನ್ನು ಸ್ವಾಧೀನಪಡಿಸಿಕೊಳ್ಳುವ ಪ್ರಕ್ರಿಯೆ ಪ್ರಗತಿಯಲ್ಲಿದೆ. ಸೇಂಟ್ ಜಾನ್ಸ್ ಆಸ್ಪತ್ರೆ ಸಮೀಪದ 623 ಚದರ ಮೀಟರ್ ಭೂಮಿ, 32 ಖಾಸಗಿ ಆಸ್ತಿಗಳನ್ನು ಸ್ವಾಧೀನ ಮಾಡಿಕೊಳ್ಳಲಾಗಿದೆ.
ಕಾಮ್ರೆಡ್ ವಿಕ್ರಮ್ ರಾವ್ ಅವರಿಗೆ ಕೆಯುಡಬ್ಲ್ಯುಜೆ ನುಡಿನಮನ
●ಸುದ್ದಿಮೂಲ ವಾರ್ತೆ, ಬೆಂಗಳೂರು, ಮೇ 14: ಭಾರತೀಯ ಕಾರ್ಯನಿರತ ಪತ್ರಕರ್ತರ ಒಕ್ಕೂಟದ ಅಧ್ಯಕ್ಷರಾಗಿದ್ದ ಕೆ. ವಿಕ್ರಮ್ ರಾವ್ ಅವರು ಪತ್ರಕರ್ತರ ಹಕ್ಕುಗಳ ಹೋರಾಟಗಾರರಾಗಿದ್ದರು ಎಂದು ಕರ್ನಾಟಕ ಕಾರ್ಯನಿರತ ಪತ್ರಕರ್ತರ ಸಂಘದ ರಾಜ್ಯಾಧ್ಯಕ್ಷ ಶಿವಾನಂದ ತಗಡೂರು ಹೇಳಿದರು. ಕರ್ನಾಟಕ ಕಾರ್ಯನಿರತ ಪತ್ರಕರ್ತರ ಸಂಘ (ಕೆಯುಡಬ್ಲ್ಯುಜೆ) ಕಚೇರಿಯಲ್ಲಿ ಹಮ್ಮಿಕೊಂಡಿದ್ದ ನುಡಿನಮನ ಕಾರ್ಯಕ್ರಮದಲ್ಲಿ ಮಾತನಾಡಿದರು. ಪತ್ರಕರ್ತರ ವೇತನ ಆಯೋಗಕ್ಕಾಗಿ ವಿವಿಧ ಹೋರಾಟಗಳನ್ನು ರೂಪಿಸಿದ್ದರು ಎಂದು ಸ್ಮರಿಸಿದರು.
ಸದಾ ಹೋರಾಟದ ಮನೋಭಾವನೆಯನ್ನು ಬೆಳೆಸಿಕೊಂಡಿದ್ದ ಅವರು ಪ್ರಿಂಟ್ ಮೀಡಿಯಾ ಹಾಗೂ ವಿದ್ಯುನ್ಮಾನ ಮಾಧ್ಯಮ ಪತ್ರಕರ್ತರ ಸಮಸ್ಯೆಗಳಿಗಾಗಿ ದನಿ ಎತ್ತಿದ್ದರು. ಕಾರ್ಯಕ್ರಮದಲ್ಲಿ ಬೆಂಗಳೂರು ನಗರ ಜಿಲ್ಲಾ ಘಟಕದ ಅಧ್ಯಕ್ಷ, ಕಾರ್ಯದರ್ಶಿ, ರಾಜ್ಯ ಕಾರ್ಯಕಾರಿ ಸಮಿತಿ ಸದಸ್ಯರು, ಹಿರಿಯ ಪತ್ರಕರ್ತರು ಹಾಗೂ ಸಂಘದ ಪದಾಧಿಕಾರಿಗಳು ಉಪಸ್ಥಿತರಿದ್ದರು.
SUDDI MOOLA – Printed and Published by Vishwanath Basavaraj Swamy on behalf of Suddimoola Publishers India Limited. Printed at Abhimaani Prakashana, No. 2/4, Dr.Rajkumar Road, Bengaluru – 560 010 Karnataka.
Published at : # 76/1, 6th Cross, Sampige Road, Malleswaram, Bengaluru – 560 003. Karnataka. Mob:9591374602 Editor : Basavaraj Swamy RNI No.: KARKAN/2023/85361 Vol.03 No.27
